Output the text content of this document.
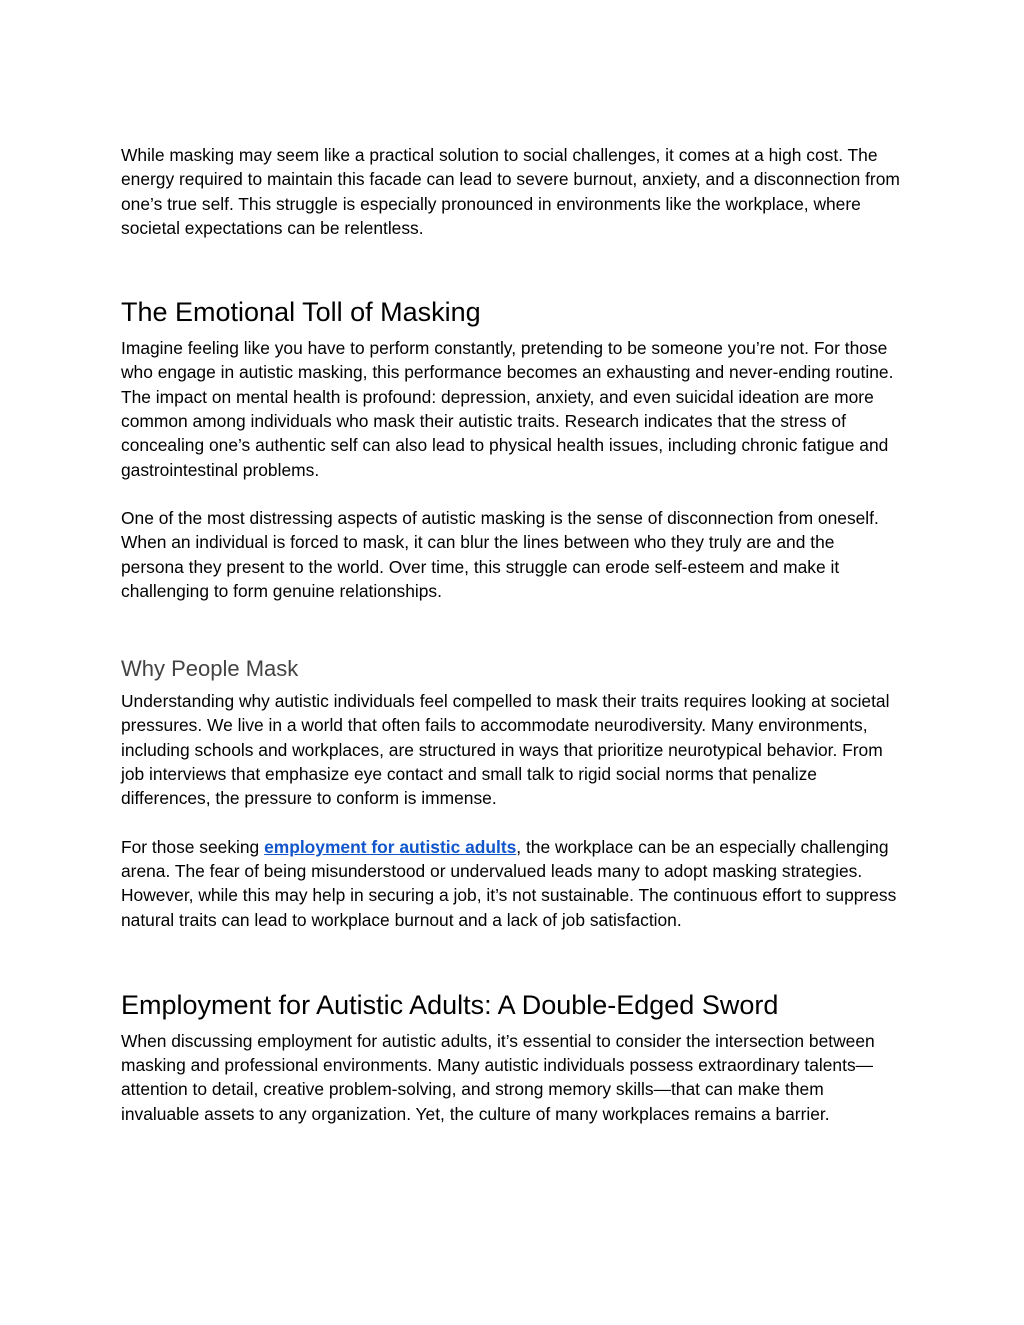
While masking may seem like a practical solution to social challenges, it comes at a high cost. The energy required to maintain this facade can lead to severe burnout, anxiety, and a disconnection from one’s true self. This struggle is especially pronounced in environments like the workplace, where societal expectations can be relentless.

The Emotional Toll of Masking

Imagine feeling like you have to perform constantly, pretending to be someone you’re not. For those who engage in autistic masking, this performance becomes an exhausting and never-ending routine. The impact on mental health is profound: depression, anxiety, and even suicidal ideation are more common among individuals who mask their autistic traits. Research indicates that the stress of concealing one’s authentic self can also lead to physical health issues, including chronic fatigue and gastrointestinal problems.

One of the most distressing aspects of autistic masking is the sense of disconnection from oneself. When an individual is forced to mask, it can blur the lines between who they truly are and the persona they present to the world. Over time, this struggle can erode self-esteem and make it challenging to form genuine relationships.

Why People Mask

Understanding why autistic individuals feel compelled to mask their traits requires looking at societal pressures. We live in a world that often fails to accommodate neurodiversity. Many environments, including schools and workplaces, are structured in ways that prioritize neurotypical behavior. From job interviews that emphasize eye contact and small talk to rigid social norms that penalize differences, the pressure to conform is immense.

For those seeking employment for autistic adults, the workplace can be an especially challenging arena. The fear of being misunderstood or undervalued leads many to adopt masking strategies. However, while this may help in securing a job, it’s not sustainable. The continuous effort to suppress natural traits can lead to workplace burnout and a lack of job satisfaction.

Employment for Autistic Adults: A Double-Edged Sword

When discussing employment for autistic adults, it’s essential to consider the intersection between masking and professional environments. Many autistic individuals possess extraordinary talents—attention to detail, creative problem-solving, and strong memory skills—that can make them invaluable assets to any organization. Yet, the culture of many workplaces remains a barrier.
